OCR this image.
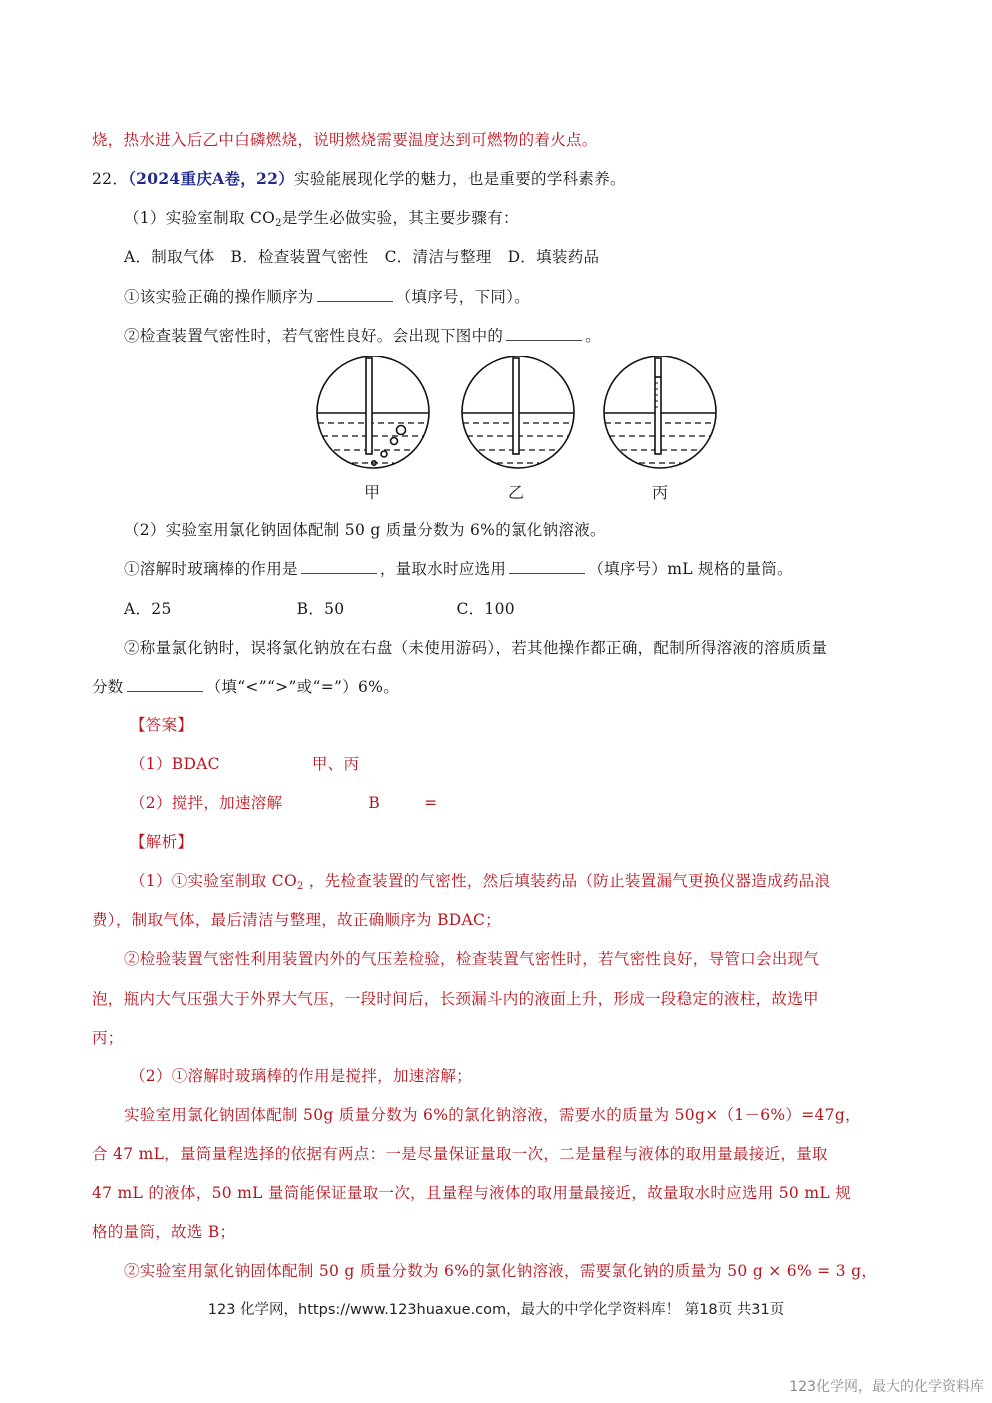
烧，热水进入后乙中白磷燃烧，说明燃烧需要温度达到可燃物的着火点。
22．（2024重庆A卷，22）实验能展现化学的魅力，也是重要的学科素养。
（1）实验室制取 $CO_2$是学生必做实验，其主要步骤有：
A．制取气体 B．检查装置气密性 C．清洁与整理 D．填装药品
①该实验正确的操作顺序为	（填序号，下同）。
②检查装置气密性时，若气密性良好。会出现下图中的	。
甲	乙	丙
（2）实验室用氯化钠固体配制 50 g 质量分数为 6%的氯化钠溶液。
①溶解时玻璃棒的作用是	，量取水时应选用	（填序号）mL 规格的量筒。
A．25	B．50	C．100
②称量氯化钠时，误将氯化钠放在右盘（未使用游码），若其他操作都正确，配制所得溶液的溶质质量
分数	（填“<”“>”或“=”）6%。
【答案】
（1）BDAC	甲、丙
（2）搅拌，加速溶解	B	=
【解析】
（1）①实验室制取 $CO_2$ ，先检查装置的气密性，然后填装药品（防止装置漏气更换仪器造成药品浪
费），制取气体，最后清洁与整理，故正确顺序为 BDAC；
②检验装置气密性利用装置内外的气压差检验，检查装置气密性时，若气密性良好，导管口会出现气
泡，瓶内大气压强大于外界大气压，一段时间后，长颈漏斗内的液面上升，形成一段稳定的液柱，故选甲
丙；
（2）①溶解时玻璃棒的作用是搅拌，加速溶解；
实验室用氯化钠固体配制 50g 质量分数为 6%的氯化钠溶液，需要水的质量为 50g×（1－6%）=47g，
合 47 mL，量筒量程选择的依据有两点：一是尽量保证量取一次，二是量程与液体的取用量最接近，量取
47 mL 的液体，50 mL 量筒能保证量取一次，且量程与液体的取用量最接近，故量取水时应选用 50 mL 规
格的量筒，故选 B；
②实验室用氯化钠固体配制 50 g 质量分数为 6%的氯化钠溶液，需要氯化钠的质量为 50 g × 6% = 3 g，
123 化学网，https://www.123huaxue.com，最大的中学化学资料库！ 第18页 共31页
123化学网，最大的化学资料库
